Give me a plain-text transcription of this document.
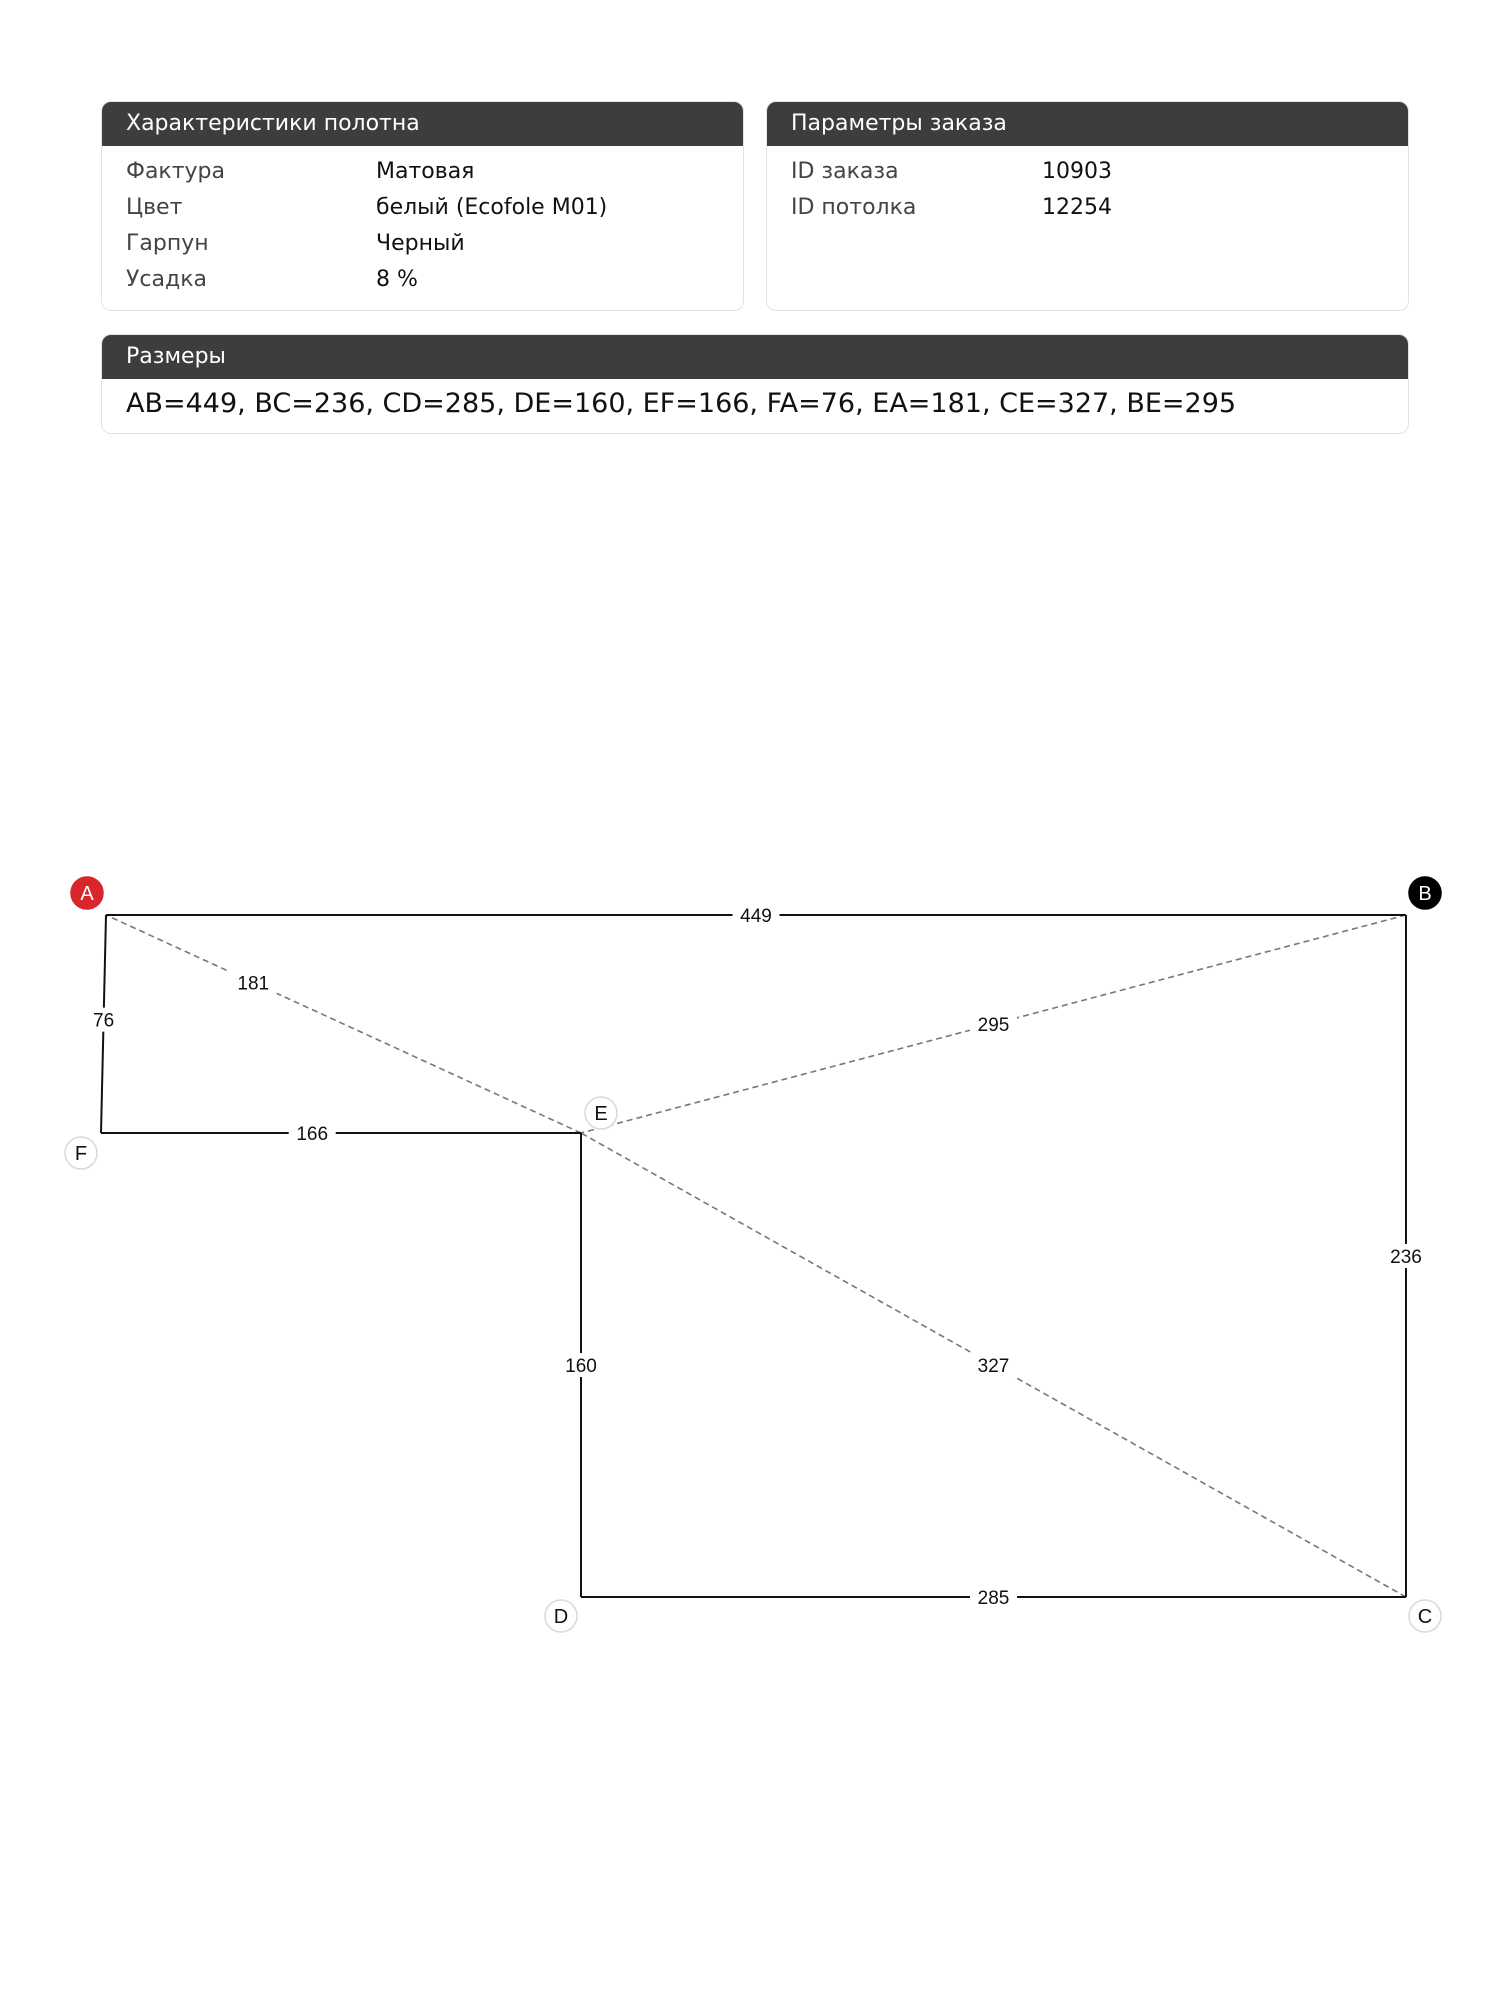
Характеристики полотна
Фактура	Матовая
Цвет	белый (Ecofole M01)
Гарпун	Черный
Усадка	8 %
Параметры заказа
ID заказа	10903
ID потолка	12254
Размеры
AB=449, BC=236, CD=285, DE=160, EF=166, FA=76, EA=181, CE=327, BE=295
449
236
285
160
166
76
181
327
295
A	B
C
D
E
F
